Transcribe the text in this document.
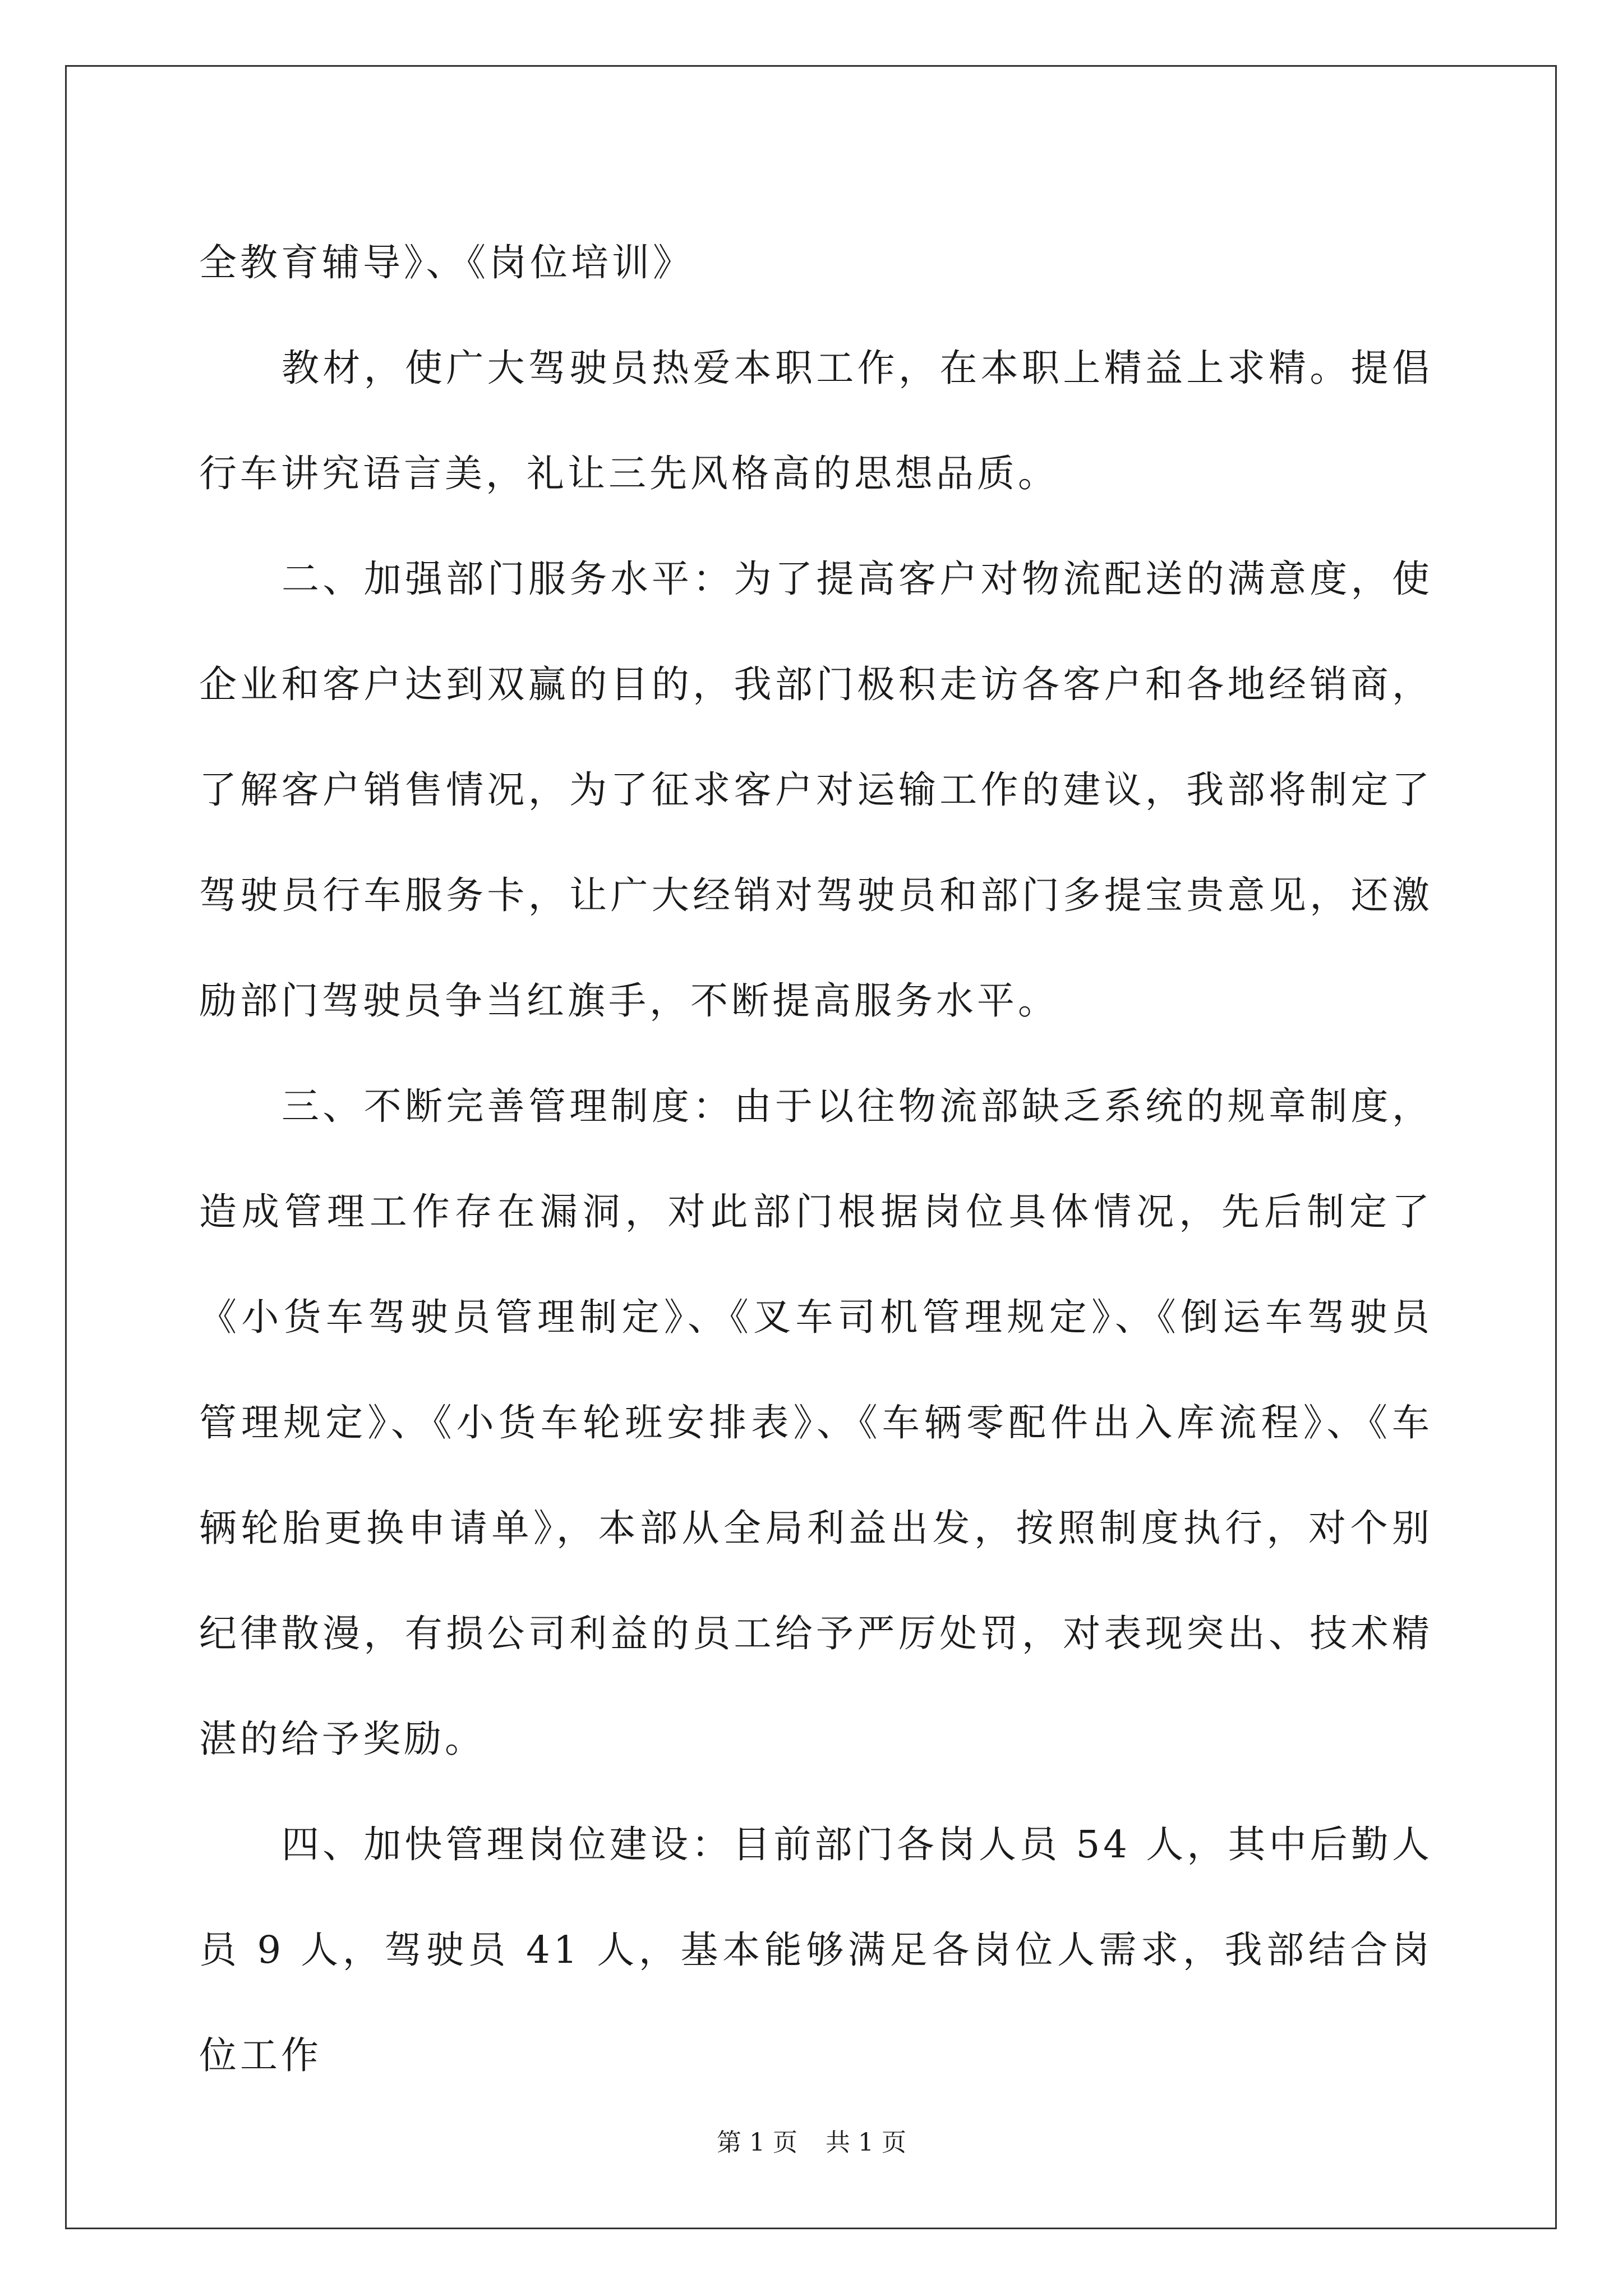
全教育辅导》、《岗位培训》

教材，使广大驾驶员热爱本职工作，在本职上精益上求精。提倡行车讲究语言美，礼让三先风格高的思想品质。

二、加强部门服务水平：为了提高客户对物流配送的满意度，使企业和客户达到双赢的目的，我部门极积走访各客户和各地经销商，了解客户销售情况，为了征求客户对运输工作的建议，我部将制定了驾驶员行车服务卡，让广大经销对驾驶员和部门多提宝贵意见，还激励部门驾驶员争当红旗手，不断提高服务水平。

三、不断完善管理制度：由于以往物流部缺乏系统的规章制度，造成管理工作存在漏洞，对此部门根据岗位具体情况，先后制定了《小货车驾驶员管理制定》、《叉车司机管理规定》、《倒运车驾驶员管理规定》、《小货车轮班安排表》、《车辆零配件出入库流程》、《车辆轮胎更换申请单》，本部从全局利益出发，按照制度执行，对个别纪律散漫，有损公司利益的员工给予严厉处罚，对表现突出、技术精湛的给予奖励。

四、加快管理岗位建设：目前部门各岗人员 54 人，其中后勤人员 9 人，驾驶员 41 人，基本能够满足各岗位人需求，我部结合岗位工作

第 1 页 共 1 页
